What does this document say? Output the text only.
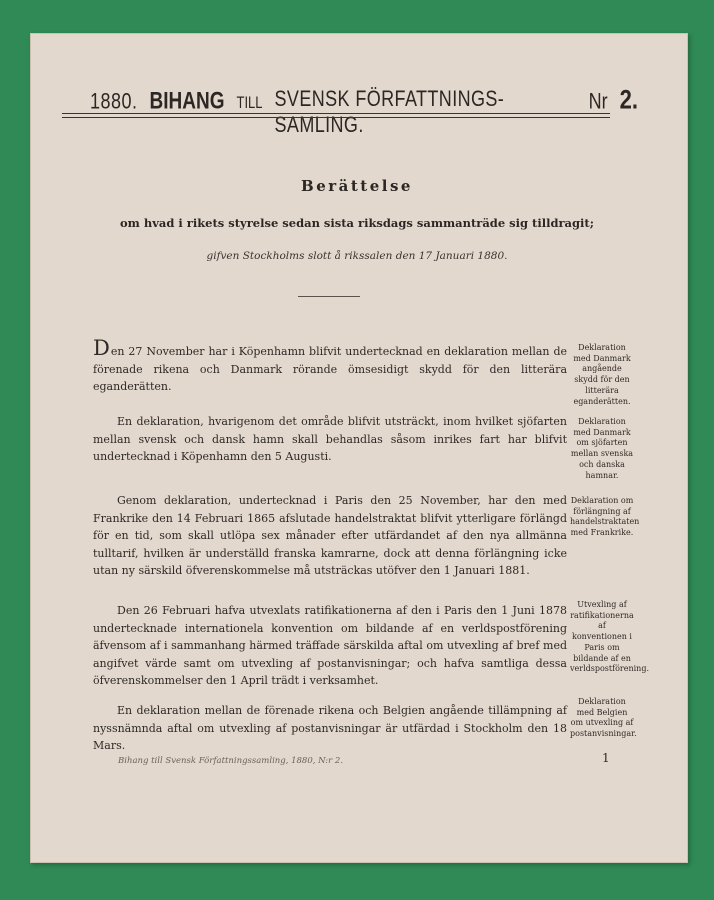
1880. BIHANG TILL SVENSK FÖRFATTNINGS-SAMLING.
Nr 2.
Berättelse
om hvad i rikets styrelse sedan sista riksdags sammanträde sig tilldragit;
gifven Stockholms slott å rikssalen den 17 Januari 1880.
Den 27 November har i Köpenhamn blifvit undertecknad en deklaration mellan de förenade rikena och Danmark rörande ömsesidigt skydd för den litterära eganderätten.
Deklaration med Danmark angående skydd för den litterära eganderätten.
En deklaration, hvarigenom det område blifvit utsträckt, inom hvilket sjöfarten mellan svensk och dansk hamn skall behandlas såsom inrikes fart har blifvit undertecknad i Köpenhamn den 5 Augusti.
Deklaration med Danmark om sjöfarten mellan svenska och danska hamnar.
Genom deklaration, undertecknad i Paris den 25 November, har den med Frankrike den 14 Februari 1865 afslutade handelstraktat blifvit ytterligare förlängd för en tid, som skall utlöpa sex månader efter utfärdandet af den nya allmänna tulltarif, hvilken är underställd franska kamrarne, dock att denna förlängning icke utan ny särskild öfverenskommelse må utsträckas utöfver den 1 Januari 1881.
Deklaration om förlängning af handelstraktaten med Frankrike.
Den 26 Februari hafva utvexlats ratifikationerna af den i Paris den 1 Juni 1878 undertecknade internationela konvention om bildande af en verldspostförening äfvensom af i sammanhang härmed träffade särskilda aftal om utvexling af bref med angifvet värde samt om utvexling af postanvisningar; och hafva samtliga dessa öfverenskommelser den 1 April trädt i verksamhet.
Utvexling af ratifikationerna af konventionen i Paris om bildande af en verldspostförening.
En deklaration mellan de förenade rikena och Belgien angående tillämpning af nyssnämnda aftal om utvexling af postanvisningar är utfärdad i Stockholm den 18 Mars.
Deklaration med Belgien om utvexling af postanvisningar.
Bihang till Svensk Författningssamling, 1880, N:r 2.	1
